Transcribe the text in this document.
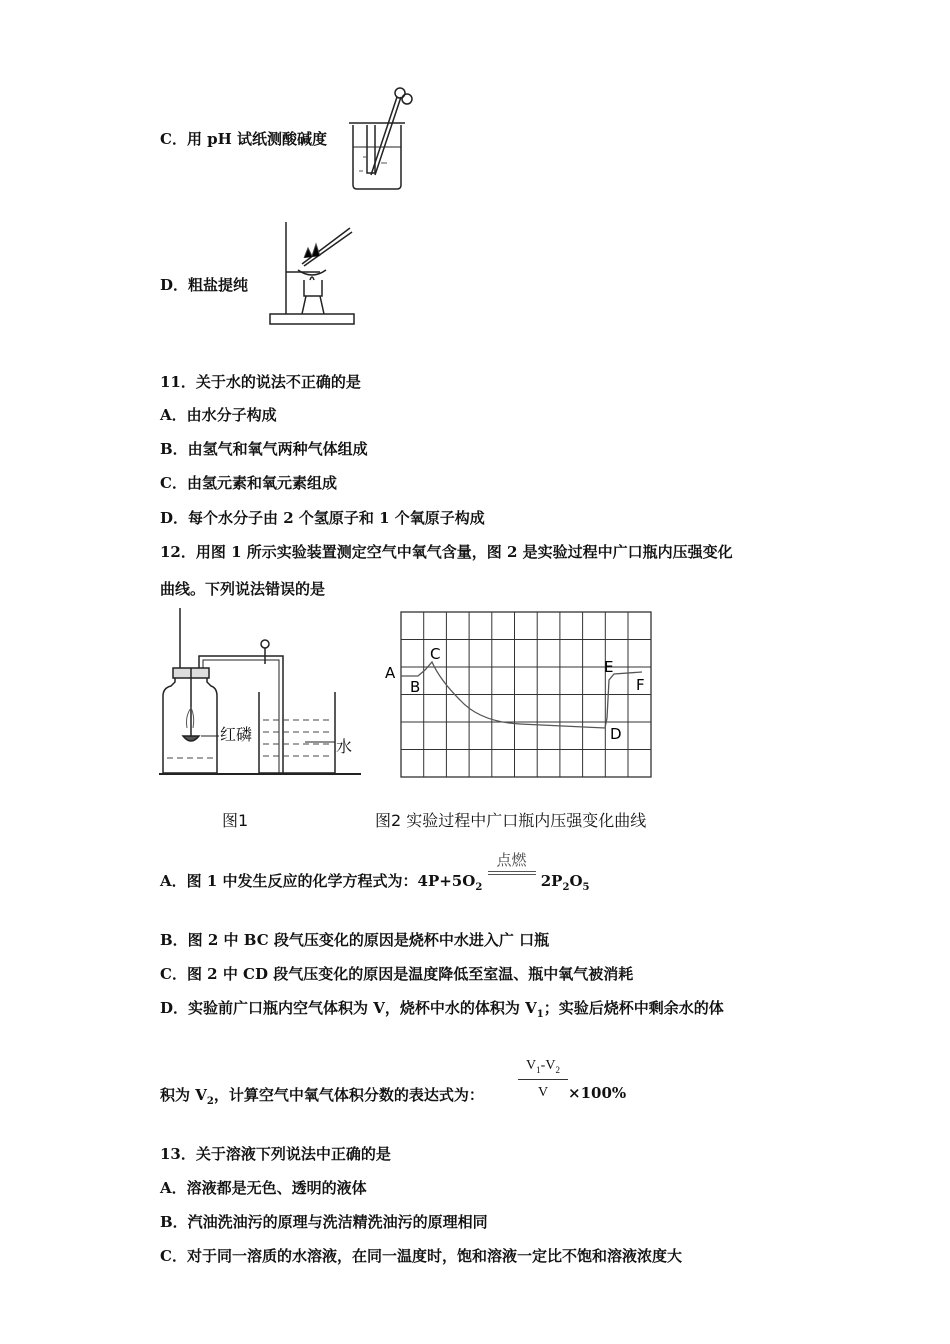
C．用 pH 试纸测酸碱度
D．粗盐提纯
11．关于水的说法不正确的是
A．由水分子构成
B．由氢气和氧气两种气体组成
C．由氢元素和氧元素组成
D．每个水分子由 2 个氢原子和 1 个氧原子构成
12．用图 1 所示实验装置测定空气中氧气含量，图 2 是实验过程中广口瓶内压强变化
曲线。下列说法错误的是
红磷
水
图1
A
B
C
D
E
F
图2 实验过程中广口瓶内压强变化曲线
A．图 1 中发生反应的化学方程式为：$4P+5O_2$
点燃
$2P_2O_5$
B．图 2 中 BC 段气压变化的原因是烧杯中水进入广 口瓶
C．图 2 中 CD 段气压变化的原因是温度降低至室温、瓶中氧气被消耗
D．实验前广口瓶内空气体积为 V，烧杯中水的体积为 $V_1$；实验后烧杯中剩余水的体
积为 $V_2$，计算空气中氧气体积分数的表达式为：
$V_1-V_2$
V	×100%
13．关于溶液下列说法中正确的是
A．溶液都是无色、透明的液体
B．汽油洗油污的原理与洗洁精洗油污的原理相同
C．对于同一溶质的水溶液，在同一温度时，饱和溶液一定比不饱和溶液浓度大
